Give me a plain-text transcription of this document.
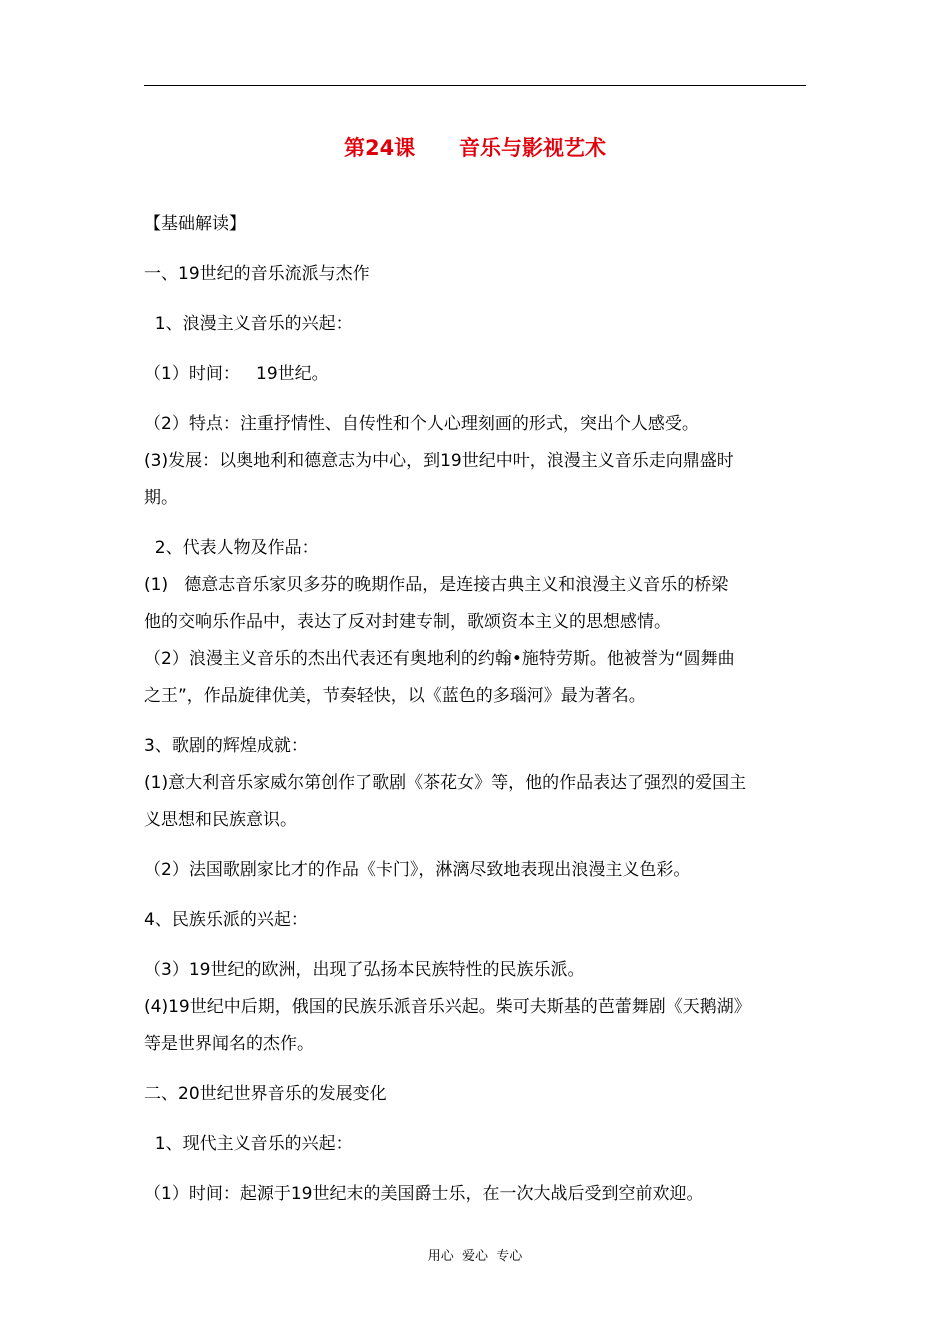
第24课      音乐与影视艺术
【基础解读】
一、19世纪的音乐流派与杰作
1、浪漫主义音乐的兴起：
（1）时间：   19世纪。
（2）特点：注重抒情性、自传性和个人心理刻画的形式，突出个人感受。
(3)发展：以奥地利和德意志为中心，到19世纪中叶，浪漫主义音乐走向鼎盛时
期。
2、代表人物及作品：
(1)   德意志音乐家贝多芬的晚期作品，是连接古典主义和浪漫主义音乐的桥梁
他的交响乐作品中，表达了反对封建专制，歌颂资本主义的思想感情。
（2）浪漫主义音乐的杰出代表还有奥地利的约翰•施特劳斯。他被誉为“圆舞曲
之王”，作品旋律优美，节奏轻快，以《蓝色的多瑙河》最为著名。
3、歌剧的辉煌成就：
(1)意大利音乐家威尔第创作了歌剧《茶花女》等，他的作品表达了强烈的爱国主
义思想和民族意识。
（2）法国歌剧家比才的作品《卡门》，淋漓尽致地表现出浪漫主义色彩。
4、民族乐派的兴起：
（3）19世纪的欧洲，出现了弘扬本民族特性的民族乐派。
(4)19世纪中后期，俄国的民族乐派音乐兴起。柴可夫斯基的芭蕾舞剧《天鹅湖》
等是世界闻名的杰作。
二、20世纪世界音乐的发展变化
1、现代主义音乐的兴起：
（1）时间：起源于19世纪末的美国爵士乐，在一次大战后受到空前欢迎。
用心  爱心  专心
